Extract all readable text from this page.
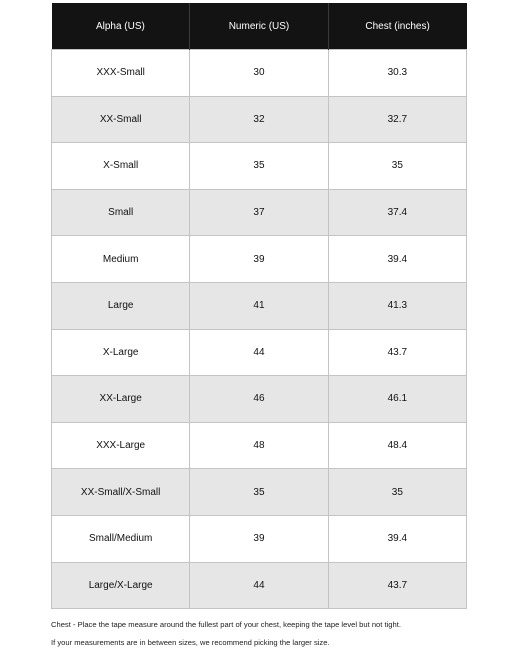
Alpha (US)	Numeric (US)	Chest (inches)
XXX-Small	30	30.3
XX-Small	32	32.7
X-Small	35	35
Small	37	37.4
Medium	39	39.4
Large	41	41.3
X-Large	44	43.7
XX-Large	46	46.1
XXX-Large	48	48.4
XX-Small/X-Small	35	35
Small/Medium	39	39.4
Large/X-Large	44	43.7

Chest - Place the tape measure around the fullest part of your chest, keeping the tape level but not tight.

If your measurements are in between sizes, we recommend picking the larger size.
